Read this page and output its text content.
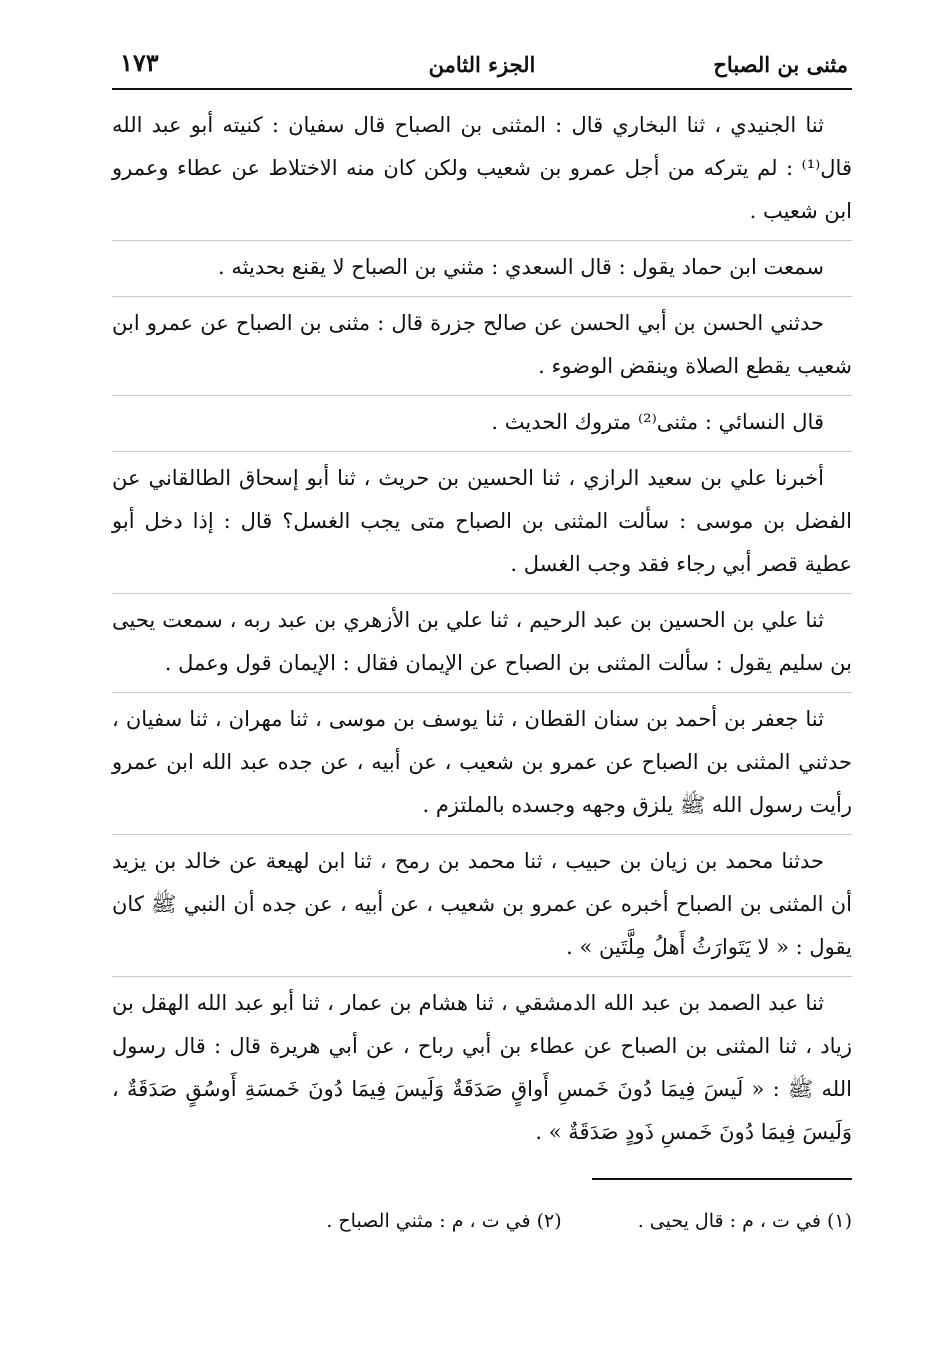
مثنى بن الصباح
الجزء الثامن
١٧٣

ثنا الجنيدي ، ثنا البخاري قال : المثنى بن الصباح قال سفيان : كنيته أبو عبد الله قال⁽¹⁾ : لم يتركه من أجل عمرو بن شعيب ولكن كان منه الاختلاط عن عطاء وعمرو ابن شعيب .

سمعت ابن حماد يقول : قال السعدي : مثني بن الصباح لا يقنع بحديثه .

حدثني الحسن بن أبي الحسن عن صالح جزرة قال : مثنى بن الصباح عن عمرو ابن شعيب يقطع الصلاة وينقض الوضوء .

قال النسائي : مثنى⁽²⁾ متروك الحديث .

أخبرنا علي بن سعيد الرازي ، ثنا الحسين بن حريث ، ثنا أبو إسحاق الطالقاني عن الفضل بن موسى : سألت المثنى بن الصباح متى يجب الغسل؟ قال : إذا دخل أبو عطية قصر أبي رجاء فقد وجب الغسل .

ثنا علي بن الحسين بن عبد الرحيم ، ثنا علي بن الأزهري بن عبد ربه ، سمعت يحيى بن سليم يقول : سألت المثنى بن الصباح عن الإيمان فقال : الإيمان قول وعمل .

ثنا جعفر بن أحمد بن سنان القطان ، ثنا يوسف بن موسى ، ثنا مهران ، ثنا سفيان ، حدثني المثنى بن الصباح عن عمرو بن شعيب ، عن أبيه ، عن جده عبد الله ابن عمرو رأيت رسول الله ﷺ يلزق وجهه وجسده بالملتزم .

حدثنا محمد بن زيان بن حبيب ، ثنا محمد بن رمح ، ثنا ابن لهيعة عن خالد بن يزيد أن المثنى بن الصباح أخبره عن عمرو بن شعيب ، عن أبيه ، عن جده أن النبي ﷺ كان يقول : « لا يَتَوارَثُ أَهلُ مِلَّتَين » .

ثنا عبد الصمد بن عبد الله الدمشقي ، ثنا هشام بن عمار ، ثنا أبو عبد الله الهقل بن زياد ، ثنا المثنى بن الصباح عن عطاء بن أبي رباح ، عن أبي هريرة قال : قال رسول الله ﷺ : « لَيسَ فِيمَا دُونَ خَمسِ أَواقٍ صَدَقَةٌ وَلَيسَ فِيمَا دُونَ خَمسَةِ أَوسُقٍ صَدَقَةٌ ، وَلَيسَ فِيمَا دُونَ خَمسِ ذَودٍ صَدَقَةٌ » .

(١) في ت ، م : قال يحيى . (٢) في ت ، م : مثني الصباح .
